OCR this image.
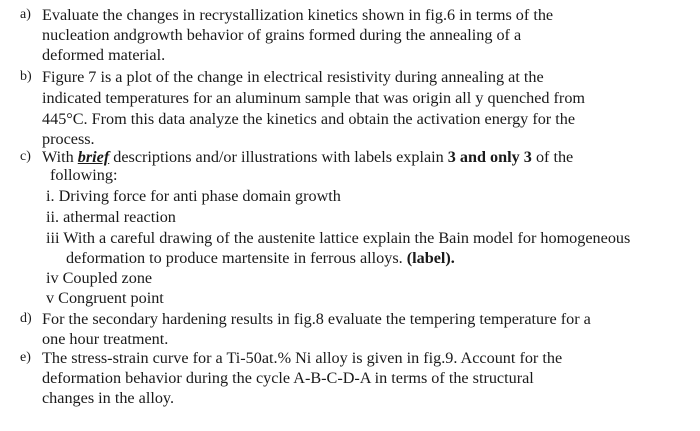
a) Evaluate the changes in recrystallization kinetics shown in fig.6 in terms of the
nucleation andgrowth behavior of grains formed during the annealing of a
deformed material.
b) Figure 7 is a plot of the change in electrical resistivity during annealing at the
indicated temperatures for an aluminum sample that was origin all y quenched from
445°C. From this data analyze the kinetics and obtain the activation energy for the
process.
c) With brief descriptions and/or illustrations with labels explain 3 and only 3 of the
following:
i. Driving force for anti phase domain growth
ii. athermal reaction
iii With a careful drawing of the austenite lattice explain the Bain model for homogeneous
deformation to produce martensite in ferrous alloys. (label).
iv Coupled zone
v Congruent point
d) For the secondary hardening results in fig.8 evaluate the tempering temperature for a
one hour treatment.
e) The stress-strain curve for a Ti-50at.% Ni alloy is given in fig.9. Account for the
deformation behavior during the cycle A-B-C-D-A in terms of the structural
changes in the alloy.
